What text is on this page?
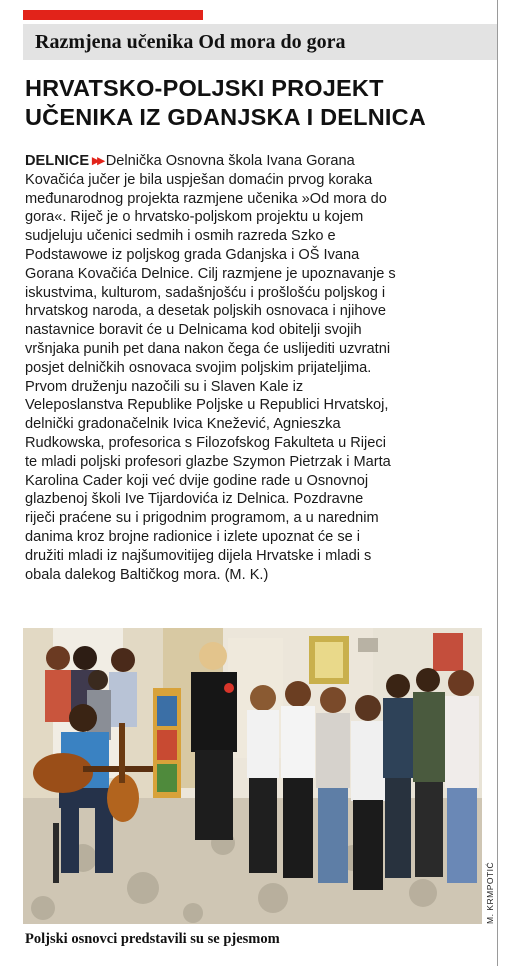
Razmjena učenika Od mora do gora
HRVATSKO-POLJSKI PROJEKT
UČENIKA IZ GDANJSKA I DELNICA
DELNICE ▸▸ Delnička Osnovna škola Ivana Gorana
Kovačića jučer je bila uspješan domaćin prvog koraka
međunarodnog projekta razmjene učenika »Od mora do
gora«. Riječ je o hrvatsko-poljskom projektu u kojem
sudjeluju učenici sedmih i osmih razreda Szko e
Podstawowe iz poljskog grada Gdanjska i OŠ Ivana
Gorana Kovačića Delnice. Cilj razmjene je upoznavanje s
iskustvima, kulturom, sadašnjošću i prošlošću poljskog i
hrvatskog naroda, a desetak poljskih osnovaca i njihove
nastavnice boravit će u Delnicama kod obitelji svojih
vršnjaka punih pet dana nakon čega će uslijediti uzvratni
posjet delničkih osnovaca svojim poljskim prijateljima.
Prvom druženju nazočili su i Slaven Kale iz
Veleposlanstva Republike Poljske u Republici Hrvatskoj,
delnički gradonačelnik Ivica Knežević, Agnieszka
Rudkowska, profesorica s Filozofskog Fakulteta u Rijeci
te mladi poljski profesori glazbe Szymon Pietrzak i Marta
Karolina Cader koji već dvije godine rade u Osnovnoj
glazbenoj školi Ive Tijardovića iz Delnica. Pozdravne
riječi praćene su i prigodnim programom, a u narednim
danima kroz brojne radionice i izlete upoznat će se i
družiti mladi iz najšumovitijeg dijela Hrvatske i mladi s
obala dalekog Baltičkog mora. (M. K.)
M. KRMPOTIĆ
Poljski osnovci predstavili su se pjesmom
